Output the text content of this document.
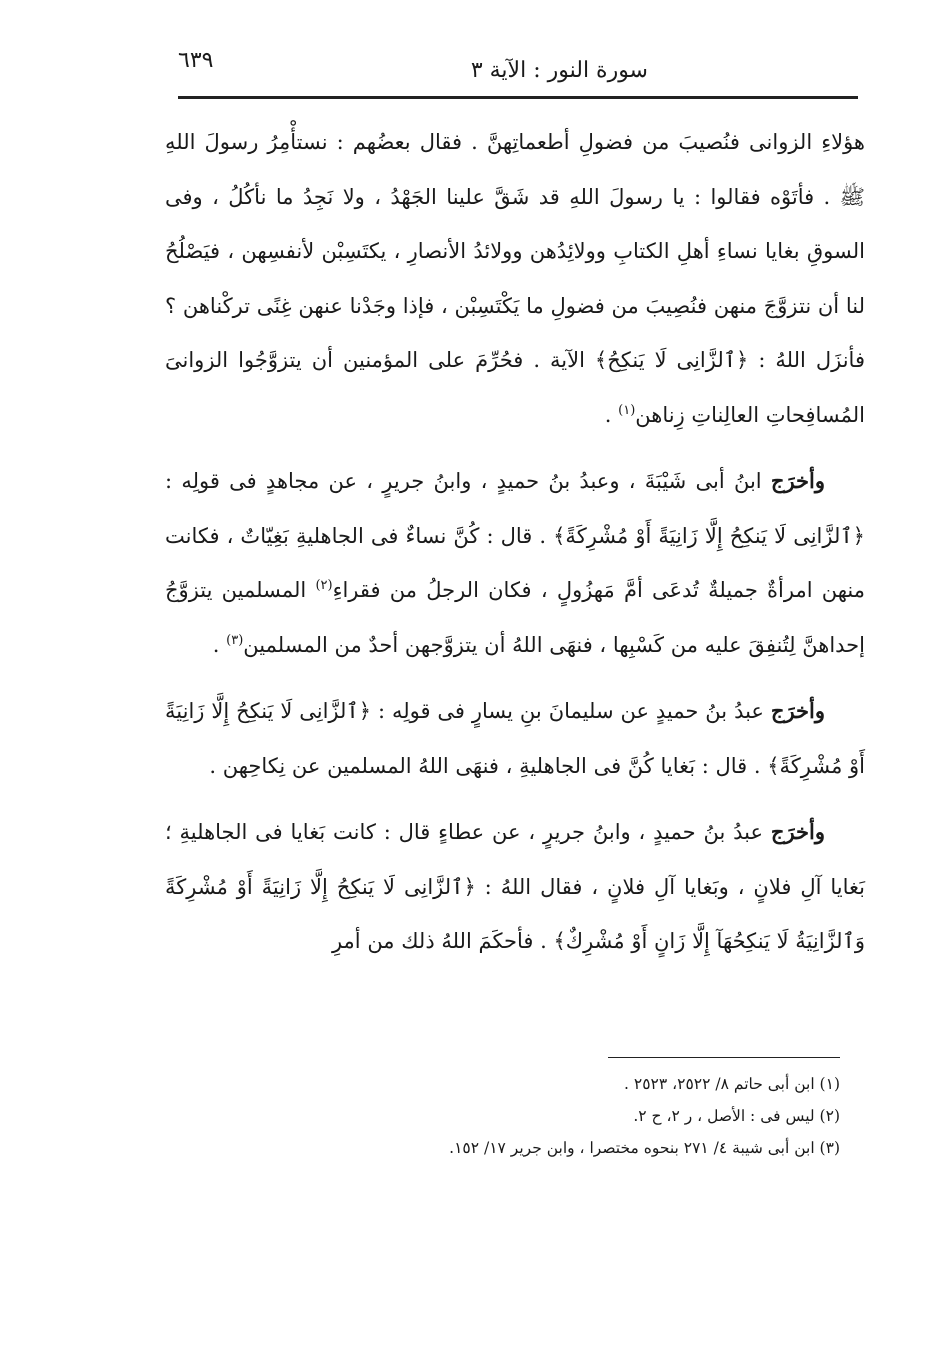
سورة النور : الآية ٣
٦٣٩

هؤلاءِ الزوانى فنُصيبَ من فضولِ أطعماتِهنَّ . فقال بعضُهم : نستأْمِرُ رسولَ اللهِ ﷺ . فأتَوْه فقالوا : يا رسولَ اللهِ قد شَقَّ علينا الجَهْدُ ، ولا نَجِدُ ما نأكُلُ ، وفى السوقِ بغايا نساءِ أهلِ الكتابِ وولائِدُهن وولائدُ الأنصارِ ، يكتَسِبْن لأنفسِهن ، فيَصْلُحُ لنا أن نتزوَّجَ منهن فنُصِيبَ من فضولِ ما يَكْتَسِبْن ، فإذا وجَدْنا عنهن غِنًى تركْناهن ؟ فأنزَل اللهُ : ﴿ٱلزَّانِى لَا يَنكِحُ﴾ الآية . فحُرِّمَ على المؤمنين أن يتزوَّجُوا الزوانىَ المُسافِحاتِ العالِناتِ زِناهن$^{(١)}$ .

وأخرَج ابنُ أبى شَيْبَةَ ، وعبدُ بنُ حميدٍ ، وابنُ جريرٍ ، عن مجاهدٍ فى قولِه : ﴿ٱلزَّانِى لَا يَنكِحُ إِلَّا زَانِيَةً أَوْ مُشْرِكَةً﴾ . قال : كُنَّ نساءٌ فى الجاهليةِ بَغِيّاتٌ ، فكانت منهن امرأةٌ جميلةٌ تُدعَى أمَّ مَهزُولٍ ، فكان الرجلُ من فقراءِ$^{(٢)}$ المسلمين يتزوَّجُ إحداهنَّ لِتُنفِقَ عليه من كَسْبِها ، فنهَى اللهُ أن يتزوَّجهن أحدٌ من المسلمين$^{(٣)}$ .

وأخرَج عبدُ بنُ حميدٍ عن سليمانَ بنِ يسارٍ فى قولِه : ﴿ٱلزَّانِى لَا يَنكِحُ إِلَّا زَانِيَةً أَوْ مُشْرِكَةً﴾ . قال : بَغايا كُنَّ فى الجاهليةِ ، فنهَى اللهُ المسلمين عن نِكاحِهن .

وأخرَج عبدُ بنُ حميدٍ ، وابنُ جريرٍ ، عن عطاءٍ قال : كانت بَغايا فى الجاهليةِ ؛ بَغايا آلِ فلانٍ ، وبَغايا آلِ فلانٍ ، فقال اللهُ : ﴿ٱلزَّانِى لَا يَنكِحُ إِلَّا زَانِيَةً أَوْ مُشْرِكَةً وَٱلزَّانِيَةُ لَا يَنكِحُهَآ إِلَّا زَانٍ أَوْ مُشْرِكٌ﴾ . فأحكَمَ اللهُ ذلك من أمرِ

(١) ابن أبى حاتم ٨/ ٢٥٢٢، ٢٥٢٣ .
(٢) ليس فى : الأصل ، ر ٢، ح ٢.
(٣) ابن أبى شيبة ٤/ ٢٧١ بنحوه مختصرا ، وابن جرير ١٧/ ١٥٢.
